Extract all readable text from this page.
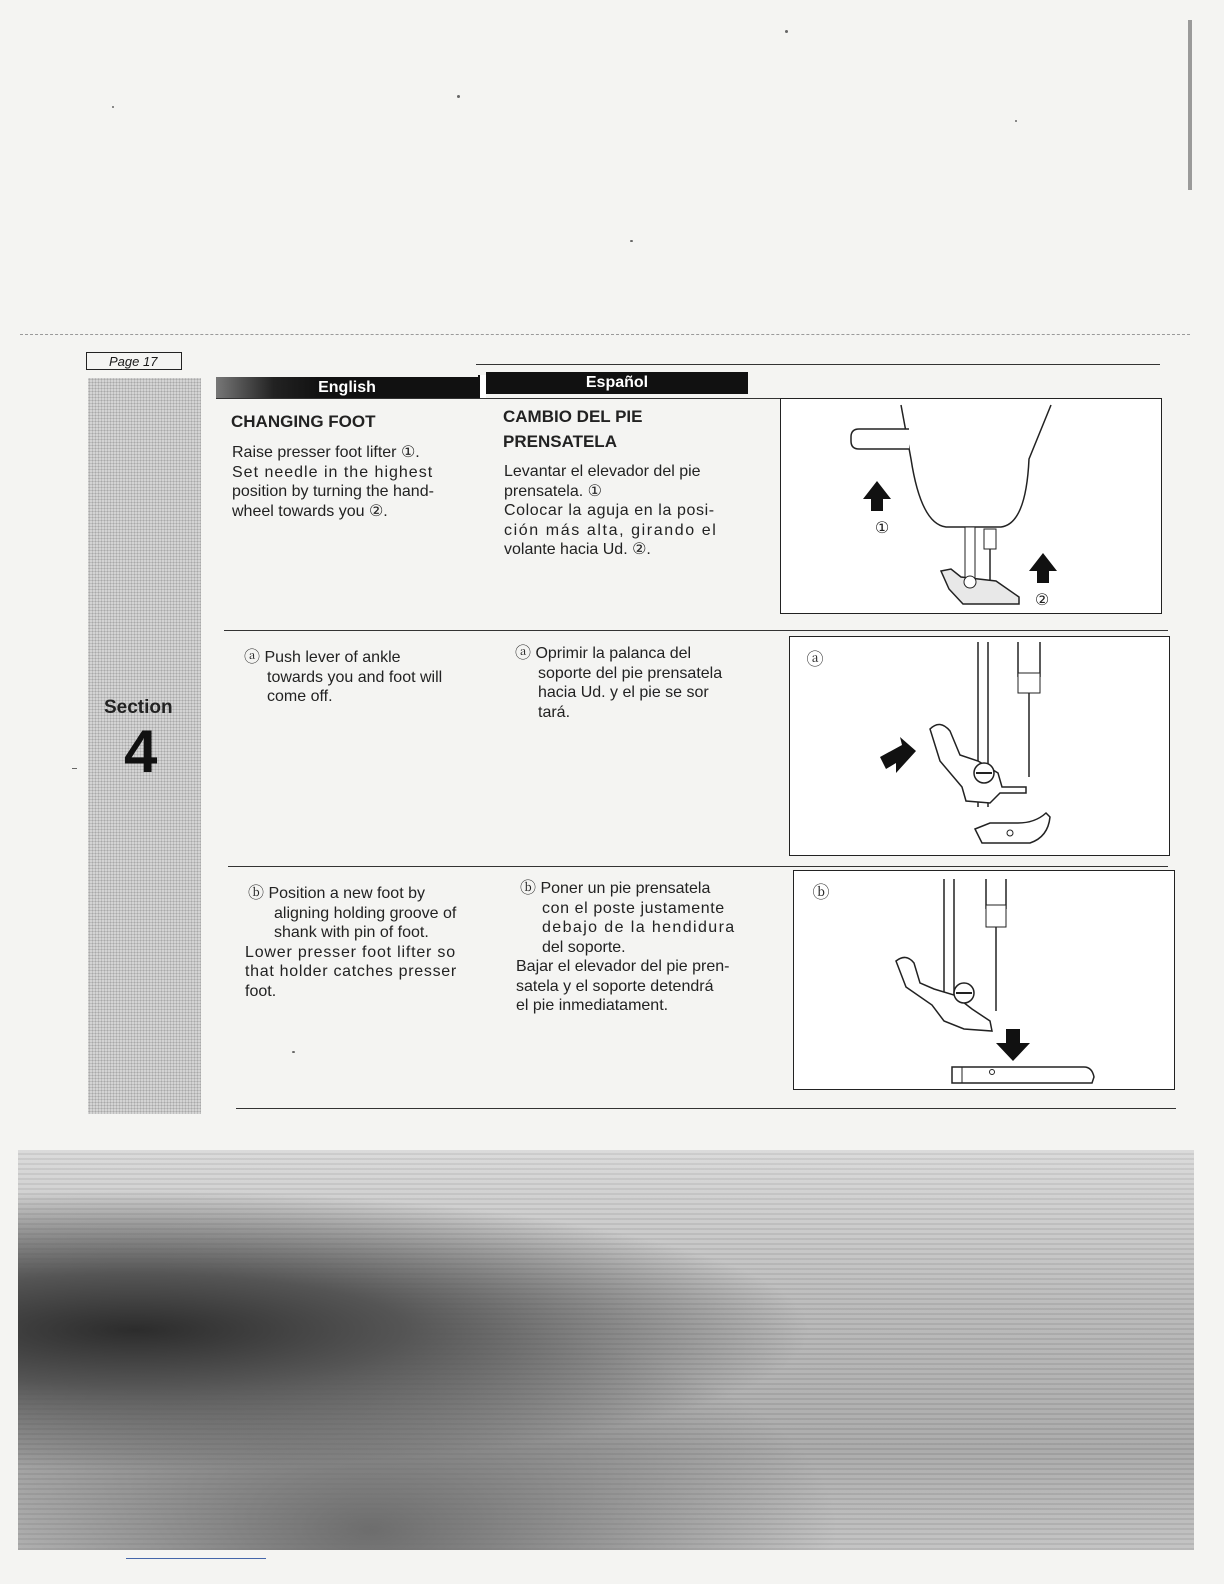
Page 17
Section
4
English	Español
CHANGING FOOT

Raise presser foot lifter ①.

Set needle in the highest

position by turning the hand-

wheel towards you ②.

CAMBIO DEL PIE
PRENSATELA

Levantar el elevador del pie

prensatela. ①

Colocar la aguja en la posi-

ción más alta, girando el

volante hacia Ud. ②.

①
②

ⓐ Push lever of ankle

towards you and foot will

come off.

ⓐ Oprimir la palanca del

soporte del pie prensatela

hacia Ud. y el pie se sor

tará.

ⓐ

ⓑ Position a new foot by

aligning holding groove of

shank with pin of foot.

Lower presser foot lifter so

that holder catches presser

foot.

ⓑ Poner un pie prensatela

con el poste justamente

debajo de la hendidura

del soporte.

Bajar el elevador del pie pren-

satela y el soporte detendrá

el pie inmediatament.

ⓑ
